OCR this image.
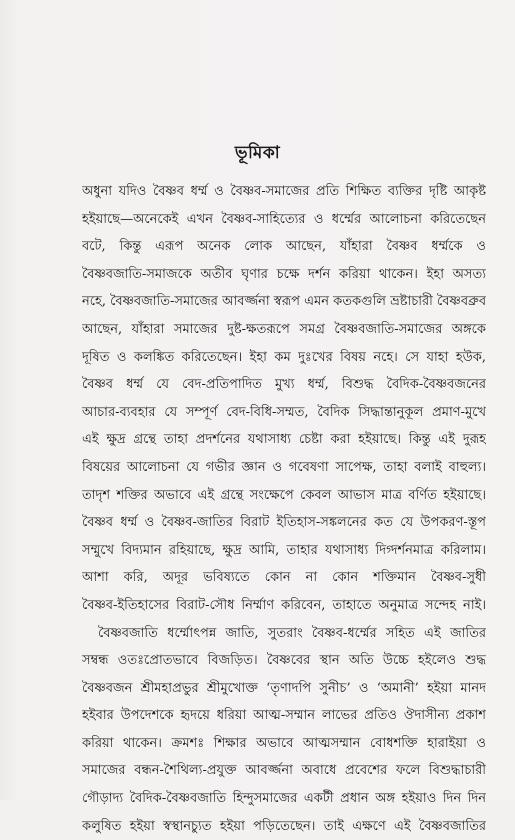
ভূমিকা
অধুনা যদিও বৈষ্ণব ধর্ম্ম ও বৈষ্ণব-সমাজের প্রতি শিক্ষিত ব্যক্তির দৃষ্টি আকৃষ্ট
হইয়াছে—অনেকেই এখন বৈষ্ণব-সাহিত্যের ও ধর্ম্মের আলোচনা করিতেছেন
বটে, কিন্তু এরূপ অনেক লোক আছেন, যাঁহারা বৈষ্ণব ধর্ম্মকে ও
বৈষ্ণবজাতি-সমাজকে অতীব ঘৃণার চক্ষে দর্শন করিয়া থাকেন। ইহা অসত্য
নহে, বৈষ্ণবজাতি-সমাজের আবর্জ্জনা স্বরূপ এমন কতকগুলি ভ্রষ্টাচারী বৈষ্ণবব্রুব
আছেন, যাঁহারা সমাজের দুষ্ট-ক্ষতরূপে সমগ্র বৈষ্ণবজাতি-সমাজের অঙ্গকে
দূষিত ও কলঙ্কিত করিতেছেন। ইহা কম দুঃখের বিষয় নহে। সে যাহা হউক,
বৈষ্ণব ধর্ম্ম যে বেদ-প্রতিপাদিত মুখ্য ধর্ম্ম, বিশুদ্ধ বৈদিক-বৈষ্ণবজনের
আচার-ব্যবহার যে সম্পূর্ণ বেদ-বিধি-সম্মত, বৈদিক সিদ্ধান্তানুকূল প্রমাণ-মুখে
এই ক্ষুদ্র গ্রন্থে তাহা প্রদর্শনের যথাসাধ্য চেষ্টা করা হইয়াছে। কিন্তু এই দুরূহ
বিষয়ের আলোচনা যে গভীর জ্ঞান ও গবেষণা সাপেক্ষ, তাহা বলাই বাহুল্য।
তাদৃশ শক্তির অভাবে এই গ্রন্থে সংক্ষেপে কেবল আভাস মাত্র বর্ণিত হইয়াছে।
বৈষ্ণব ধর্ম্ম ও বৈষ্ণব-জাতির বিরাট ইতিহাস-সঙ্কলনের কত যে উপকরণ-স্তূপ
সম্মুখে বিদ্যমান রহিয়াছে, ক্ষুদ্র আমি, তাহার যথাসাধ্য দিগ্দর্শনমাত্র করিলাম।
আশা করি, অদূর ভবিষ্যতে কোন না কোন শক্তিমান বৈষ্ণব-সুধী
বৈষ্ণব-ইতিহাসের বিরাট-সৌধ নির্ম্মাণ করিবেন, তাহাতে অনুমাত্র সন্দেহ নাই।
বৈষ্ণবজাতি ধর্ম্মোৎপন্ন জাতি, সুতরাং বৈষ্ণব-ধর্ম্মের সহিত এই জাতির
সম্বন্ধ ওতঃপ্রোতভাবে বিজড়িত। বৈষ্ণবের স্থান অতি উচ্চে হইলেও শুদ্ধ
বৈষ্ণবজন শ্রীমহাপ্রভুর শ্রীমুখোক্ত ‘তৃণাদপি সুনীচ’ ও ‘অমানী’ হইয়া মানদ
হইবার উপদেশকে হৃদয়ে ধরিয়া আত্ম-সম্মান লাভের প্রতিও ঔদাসীন্য প্রকাশ
করিয়া থাকেন। ক্রমশঃ শিক্ষার অভাবে আত্মসম্মান বোধশক্তি হারাইয়া ও
সমাজের বন্ধন-শৈথিল্য-প্রযুক্ত আবর্জ্জনা অবাধে প্রবেশের ফলে বিশুদ্ধাচারী
গৌড়াদ্য বৈদিক-বৈষ্ণবজাতি হিন্দুসমাজের একটী প্রধান অঙ্গ হইয়াও দিন দিন
কলুষিত হইয়া স্বস্থানচ্যুত হইয়া পড়িতেছেন। তাই এক্ষণে এই বৈষ্ণবজাতির
